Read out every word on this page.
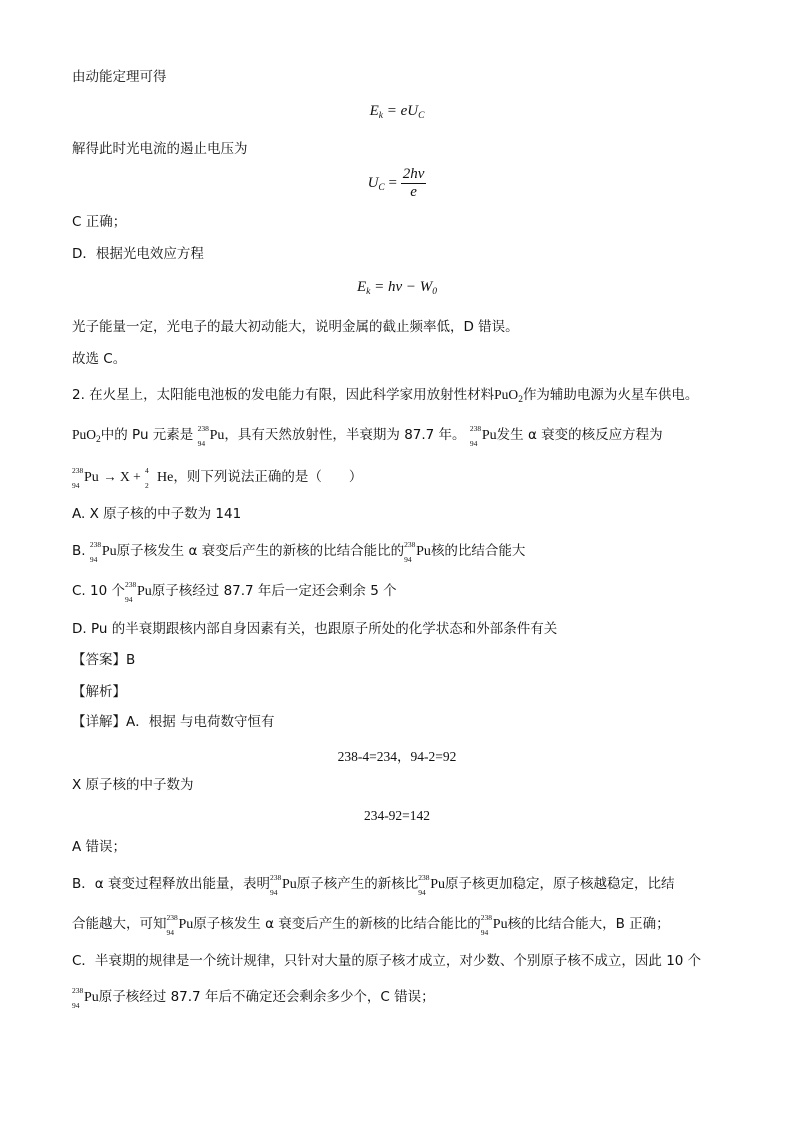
由动能定理可得
$E_k = eU_C$
解得此时光电流的遏止电压为
$U_C = \frac{2h\nu}{e}$
C 正确；
D．根据光电效应方程
$E_k = h\nu - W_0$
光子能量一定，光电子的最大初动能大，说明金属的截止频率低，D 错误。
故选 C。
2. 在火星上，太阳能电池板的发电能力有限，因此科学家用放射性材料PuO$_2$作为辅助电源为火星车供电。
PuO$_2$中的 Pu 元素是 238
94
Pu，具有天然放射性，半衰期为 87.7 年。 238
94
Pu发生 α 衰变的核反应方程为
238
94
Pu → X + 4
2
He，则下列说法正确的是（　　）
A. X 原子核的中子数为 141
B. 238
94
Pu原子核发生 α 衰变后产生的新核的比结合能比的 238
94
Pu核的比结合能大
C. 10 个 238
94
Pu原子核经过 87.7 年后一定还会剩余 5 个
D. Pu 的半衰期跟核内部自身因素有关，也跟原子所处的化学状态和外部条件有关
【答案】B
【解析】
【详解】A．根据 与电荷数守恒有
238-4=234，94-2=92
X 原子核的中子数为
234-92=142
A 错误；
B．α 衰变过程释放出能量，表明 238
94
Pu原子核产生的新核比 238
94
Pu原子核更加稳定，原子核越稳定，比结
合能越大，可知 238
94
Pu原子核发生 α 衰变后产生的新核的比结合能比的 238
94
Pu核的比结合能大，B 正确；
C．半衰期的规律是一个统计规律，只针对大量的原子核才成立，对少数、个别原子核不成立，因此 10 个
238
94
Pu原子核经过 87.7 年后不确定还会剩余多少个，C 错误；
